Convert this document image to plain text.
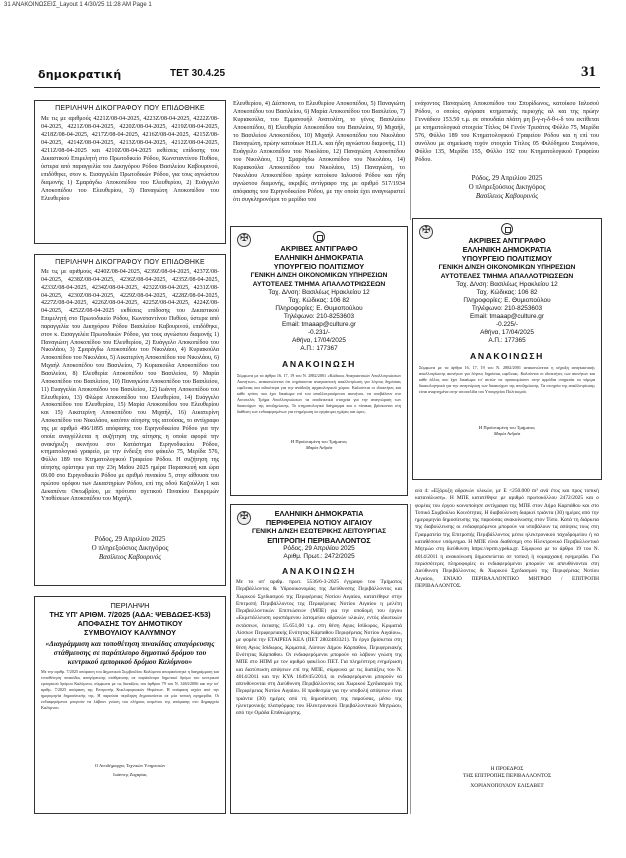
31 ΑΝΑΚΟΙΝΩΣΕΙΣ_Layout 1 4/30/25 11:28 AM Page 1
δημοκρατική	ΤΕΤ 30.4.25	31
ΠΕΡΙΛΗΨΗ ΔΙΚΟΓΡΑΦΟΥ ΠΟΥ ΕΠΙΔΟΘΗΚΕ
Με τις με αριθμούς 4221Ζ/08-04-2025, 4223Ζ/08-04-2025, 4222Ζ/08-04-2025, 4221Ζ/08-04-2025, 4220Ζ/08-04-2025, 4219Ζ/08-04-2025, 4218Ζ/08-04-2025, 4217Ζ/08-04-2025, 4216Ζ/08-04-2025, 4215Ζ/08-04-2025, 4214Ζ/08-04-2025, 4213Ζ/08-04-2025, 4212Ζ/08-04-2025, 4211Ζ/08-04-2025 και 4210Ζ/08-04-2025 εκθέσεις επίδοσης του Δικαστικού Επιμελητή στο Πρωτοδικείο Ρόδου, Κωνσταντίνου Πυθίου, ύστερα από παραγγελία του Δικηγόρου Ρόδου Βασιλείου Καβουρινού, επιδόθηκε, στον κ. Εισαγγελέα Πρωτοδικών Ρόδου, για τους αγνώστου διαμονής 1) Σμαράγδω Αποκοπέδου του Ελευθερίου, 2) Ευάγγελο Αποκοπέδου του Ελευθερίου, 3) Παναγιώτη Αποκοπέδου του Ελευθερίου
ΠΕΡΙΛΗΨΗ ΔΙΚΟΓΡΑΦΟΥ ΠΟΥ ΕΠΙΔΟΘΗΚΕ
Με τις με αριθμούς 4240Ζ/08-04-2025, 4239Ζ/08-04-2025, 4237Ζ/08-04-2025, 4238Ζ/08-04-2025, 4236Ζ/08-04-2025, 4235Ζ/08-04-2025, 4233Ζ/08-04-2025, 4234Ζ/08-04-2025, 4232Ζ/08-04-2025, 4231Ζ/08-04-2025, 4230Ζ/08-04-2025, 4229Ζ/08-04-2025, 4228Ζ/08-04-2025, 4227Ζ/08-04-2025, 4226Ζ/08-04-2025, 4225Ζ/08-04-2025, 4224Ζ/08-04-2025, 4252Ζ/08-04-2025 εκθέσεις επίδοσης του Δικαστικού Επιμελητή στο Πρωτοδικείο Ρόδου, Κωνσταντίνου Πυθίου, ύστερα από παραγγελία του Δικηγόρου Ρόδου Βασιλείου Καβουρινού, επιδόθηκε, στον κ. Εισαγγελέα Πρωτοδικών Ρόδου, για τους αγνώστου διαμονής 1) Παναγιώτη Αποκοπέδου του Ελευθερίου, 2) Ευάγγελο Αποκοπέδου του Νικολάου, 3) Σμαράγδω Αποκοπέδου του Νικολάου, 4) Κυριακούλα Αποκοπέδου του Νικολάου, 5) Αικατερίνη Αποκοπέδου του Νικολάου, 6) Μιχαήλ Αποκοπέδου του Βασιλείου, 7) Κυριακούλα Αποκοπέδου του Βασιλείου, 8) Ελευθερία Αποκοπέδου του Βασιλείου, 9) Μαρία Αποκοπέδου του Βασιλείου, 10) Παναγιώτα Αποκοπέδου του Βασιλείου, 11) Ευαγγελία Αποκοπέδου του Βασιλείου, 12) Ιωάννη Αποκοπέδου του Ελευθερίου, 13) Φλώρα Αποκοπέδου του Ελευθερίου, 14) Ευάγγελο Αποκοπέδου του Ελευθερίου, 15) Μαρία Αποκοπέδου του Ελευθερίου και 15) Αικατερίνη Αποκοπέδου του Μιχαήλ, 16) Αικατερίνη Αποκοπέδου του Νικολάου, κατόπιν αίτησης της αιτούσας, το αντίγραφο της με αριθμό 496/1895 απόφασης του Ειρηνοδικείου Ρόδου για την οποία αναγγέλλεται η συζήτηση της αίτησης η οποία αφορά την ανακήρυξη ακινήτου στο Κατάστημα Ειρηνοδικείου Ρόδου, κτηματολογικό γραφείο, με την ένδειξη στο φάκελο 75, Μερίδα 576, Φύλλο 189 του Κτηματολογικού Γραφείου Ρόδου. Η συζήτηση της αίτησης ορίστηκε για την 23η Μαΐου 2025 ημέρα Παρασκευή και ώρα 09.00 στο Ειρηνοδικείο Ρόδου με αριθμό πινακίου 5, στην αίθουσα του πρώτου ορόφου των Δικαστηρίων Ρόδου, επί της οδού Καζούλλη 1 και Δεκαπέντε Οκτωβρίου, με πρότυπο σχετικού Πινακίου Εκκρεμών Υποθέσεων Αποκοπέδου του Μιχαήλ.
Ρόδος, 29 Απριλίου 2025
Ο πληρεξούσιος Δικηγόρος
Βασίλειος Καβουρινός
ΠΕΡΙΛΗΨΗ
ΤΗΣ ΥΠ' ΑΡΙΘΜ. 7/2025 (ΑΔΑ: ΨΕΒΔΩΕΣ-Κ53)
ΑΠΟΦΑΣΗΣ ΤΟΥ ΔΗΜΟΤΙΚΟΥ
ΣΥΜΒΟΥΛΙΟΥ ΚΑΛΥΜΝΟΥ
«Διαγράμμιση και τοποθέτηση πινακίδας απαγόρευσης στάθμευσης σε παράπλευρο δημοτικό δρόμου του κεντρικού εμπορικού δρόμου Καλύμνου»
Με την αριθμ. 7/2025 απόφαση του Δημοτικού Συμβουλίου Καλύμνου αποφασίστηκε η διαγράμμιση και τοποθέτηση πινακίδας απαγόρευσης στάθμευσης σε παράπλευρο δημοτικό δρόμο του κεντρικού εμπορικού δρόμου Καλύμνου, σύμφωνα με τις διατάξεις του άρθρου 79 του Ν. 3463/2006 και την υπ' αριθμ. 7/2025 απόφαση της Επιτροπής Κυκλοφοριακών Θεμάτων. Η απόφαση ισχύει από την ημερομηνία δημοσίευσής της. Η παρούσα περίληψη δημοσιεύεται σε μία τοπική εφημερίδα. Οι ενδιαφερόμενοι μπορούν να λάβουν γνώση του πλήρους κειμένου της απόφασης στο Δημαρχείο Καλύμνου.
Ο Αντιδήμαρχος Τεχνικών Υπηρεσιών
Ιωάννης Ζαχαρίας
Ελευθερίου, 4) Δέσποινα, το Ελευθερίου Αποκοπέδου, 5) Παναγιώτη Αποκοπέδου του Βασιλείου, 6) Μαρία Αποκοπέδου του Βασιλείου, 7) Κυριακούλα, του Εμμανουήλ Ανατολίτη, το γένος Βασιλείου Αποκοπέδου, 8) Ελευθερία Αποκοπέδου του Βασιλείου, 9) Μιχαήλ, το Βασιλείου Αποκοπέδου, 10) Μιχαήλ Αποκοπέδου του Νικολάου Παναγιώτη, πρώην κατοίκων Η.Π.Α. και ήδη αγνώστου διαμονής, 11) Ευάγγελο Αποκοπέδου του Νικολάου, 12) Παναγιώτη Αποκοπέδου του Νικολάου, 13) Σμαράγδω Αποκοπέδου του Νικολάου, 14) Κυριακούλα Αποκοπέδου του Νικολάου, 15) Παναγιώτη, το Νικολάου Αποκοπέδου πρώην κατοίκου Ιαλυσού Ρόδου και ήδη αγνώστου διαμονής, ακριβές αντίγραφο της με αριθμό 517/1934 απόφασης του Ειρηνοδικείου Ρόδου, με την οποία έχει αναγνωριστεί ότι συγκληρονόμοι το μερίδιο του
ενάγοντος Παναγιώτη Αποκοπέδου του Σπυρίδωνος, κατοίκου Ιαλυσού Ρόδου, ο οποίος αγόρασε κτηματικής περιοχής αλ και της πρώην Γεννάδιου 153.50 τ.μ. σε σπουδαία πλάτη μη β-γ-η-δ-θ-ι-δ του εκτίθεται με κτηματολογικά στοιχεία Τίτλος 04 Γενόν Τρισάτος Φύλλο 75, Μερίδα 576, Φύλλο 189 του Κτηματολογικού Γραφείου Ρόδου και η επί του συνόλου με σημείωση τυχόν στοιχεία Τίτλος 05 Φιλόδημου Σταμόνιου, Φύλλο 135, Μερίδα 155, Φύλλο 192 του Κτηματολογικού Γραφείου Ρόδου.
Ρόδος, 29 Απριλίου 2025
Ο πληρεξούσιος Δικηγόρος
Βασίλειος Καβουρινός
✠
ΑΚΡΙΒΕΣ ΑΝΤΙΓΡΑΦΟ
ΕΛΛΗΝΙΚΗ ΔΗΜΟΚΡΑΤΙΑ
ΥΠΟΥΡΓΕΙΟ ΠΟΛΙΤΙΣΜΟΥ
ΓΕΝΙΚΗ Δ/ΝΣΗ ΟΙΚΟΝΟΜΙΚΩΝ ΥΠΗΡΕΣΙΩΝ
ΑΥΤΟΤΕΛΕΣ ΤΜΗΜΑ ΑΠΑΛΛΟΤΡΙΩΣΕΩΝ
Ταχ. Δ/νση: Βασιλέως Ηρακλείου 12
Ταχ. Κώδικας: 106 82
Πληροφορίες: Ε. Θυμιοπούλου
Τηλέφωνο: 210-8253603
Email: tmaaap@culture.gr
-0.231/-
Αθήνα, 17/04/2025
Α.Π.: 177367
ΑΝΑΚΟΙΝΩΣΗ
Σύμφωνα με τα άρθρα 16, 17, 19 του Ν. 2882/2001 «Κώδικας Αναγκαστικών Απαλλοτριώσεων Ακινήτων», ανακοινώνεται ότι κηρύσσεται αναγκαστική απαλλοτρίωση για λόγους δημόσιας ωφέλειας και ειδικότερα για την ανάδειξη αρχαιολογικού χώρου. Καλούνται οι ιδιοκτήτες και κάθε τρίτος που έχει δικαίωμα επί του απαλλοτριούμενου ακινήτου, να υποβάλουν στο Αυτοτελές Τμήμα Απαλλοτριώσεων τα αποδεικτικά στοιχεία για την αναγνώριση των δικαιούχων της αποζημίωσης. Το κτηματολογικό διάγραμμα και ο πίνακας βρίσκονται στη διάθεση των ενδιαφερομένων για ενημέρωση σε εργάσιμες ημέρες και ώρες.
Η Προϊσταμένη του Τμήματος
Μαρία Ανδρέα
✠
ΑΚΡΙΒΕΣ ΑΝΤΙΓΡΑΦΟ
ΕΛΛΗΝΙΚΗ ΔΗΜΟΚΡΑΤΙΑ
ΥΠΟΥΡΓΕΙΟ ΠΟΛΙΤΙΣΜΟΥ
ΓΕΝΙΚΗ Δ/ΝΣΗ ΟΙΚΟΝΟΜΙΚΩΝ ΥΠΗΡΕΣΙΩΝ
ΑΥΤΟΤΕΛΕΣ ΤΜΗΜΑ ΑΠΑΛΛΟΤΡΙΩΣΕΩΝ
Ταχ. Δ/νση: Βασιλέως Ηρακλείου 12
Ταχ. Κώδικας: 106 82
Πληροφορίες: Ε. Θυμιοπούλου
Τηλέφωνο: 210-8253603
Email: tmaaap@culture.gr
-0.225/-
Αθήνα, 17/04/2025
Α.Π.: 177365
ΑΝΑΚΟΙΝΩΣΗ
Σύμφωνα με τα άρθρα 16, 17, 19 του Ν. 2882/2001 ανακοινώνεται η κήρυξη αναγκαστικής απαλλοτρίωσης ακινήτων για λόγους δημόσιας ωφέλειας. Καλούνται οι ιδιοκτήτες των ακινήτων και κάθε άλλος που έχει δικαίωμα επ' αυτών να προσκομίσουν στην αρμόδια υπηρεσία τα νόμιμα δικαιολογητικά για την αναγνώριση των δικαιούχων της αποζημίωσης. Τα στοιχεία της απαλλοτρίωσης είναι αναρτημένα στην ιστοσελίδα του Υπουργείου Πολιτισμού.
Η Προϊσταμένη του Τμήματος
Μαρία Ανδρέα
✠
ΕΛΛΗΝΙΚΗ ΔΗΜΟΚΡΑΤΙΑ
ΠΕΡΙΦΕΡΕΙΑ ΝΟΤΙΟΥ ΑΙΓΑΙΟΥ
ΓΕΝΙΚΗ Δ/ΝΣΗ ΕΣΩΤΕΡΙΚΗΣ ΛΕΙΤΟΥΡΓΙΑΣ
ΕΠΙΤΡΟΠΗ ΠΕΡΙΒΑΛΛΟΝΤΟΣ
Ρόδος, 29 Απριλίου 2025
Αριθμ. Πρωτ.: 2472/2025
ΑΝΑΚΟΙΝΩΣΗ
Με το υπ' αριθμ. πρωτ. 5536/6-3-2025 έγγραφο του Τμήματος Περιβάλλοντος & Υδροοικονομίας της Διεύθυνσης Περιβάλλοντος και Χωρικού Σχεδιασμού της Περιφέρειας Νοτίου Αιγαίου, κατατέθηκε στην Επιτροπή Περιβάλλοντος της Περιφέρειας Νοτίου Αιγαίου η μελέτη Περιβαλλοντικών Επιπτώσεων (ΜΠΕ) για την υποδομή του έργου «Εκμετάλλευση υφιστάμενου λατομείου αδρανών υλικών, εντός ιδιωτικών εκτάσεων, έκτασης 15.651,00 τ.μ. στη θέση Αγιος Ισίδωρος, Κριματιά Λίσσων Περιφερειακής Ενότητας Κάρπαθου Περιφέρειας Νοτίου Αιγαίου», με φορέα την ΕΤΑΙΡΕΙΑ ΚΕΛ (ΠΕΤ 2802483321). Το έργο βρίσκεται στη θέση Αγιος Ισίδωρος, Κριματιά, Λίσσων Δήμου Κάρπαθου, Περιφερειακής Ενότητας Κάρπαθου. Οι ενδιαφερόμενοι μπορούν να λάβουν γνώση της ΜΠΕ στο ΗΠΜ με τον αριθμό φακέλου ΠΕΤ. Για πληρέστερη ενημέρωση και διατύπωση απόψεων επί της ΜΠΕ, σύμφωνα με τις διατάξεις του Ν. 4014/2011 και την ΚΥΑ 1649/45/2014, οι ενδιαφερόμενοι μπορούν να απευθύνονται στη Διεύθυνση Περιβάλλοντος και Χωρικού Σχεδιασμού της Περιφέρειας Νοτίου Αιγαίου. Η προθεσμία για την υποβολή απόψεων είναι τριάντα (30) ημέρες από τη δημοσίευση της παρούσας, μέσω της ηλεκτρονικής πλατφόρμας του Ηλεκτρονικού Περιβαλλοντικού Μητρώου, από την Ομάδα Επιθεώρησης.
α/α 4: «Εξόρυξη αδρανών υλικών, με Ε <250.000 m³ ανά έτος και προς τοπική κατανάλωση». Η ΜΠΕ κατατέθηκε με αριθμό πρωτοκόλλου 2472/2025 και ο φορέας του έργου κοινοποίησε αντίγραφα της ΜΠΕ στον Δήμο Καρπάθου και στο Τοπικό Συμβούλιο Κοινότητας. Η διαβούλευση διαρκεί τριάντα (30) ημέρες από την ημερομηνία δημοσίευσης της παρούσας ανακοίνωσης στον Τύπο. Κατά τη διάρκεια της διαβούλευσης οι ενδιαφερόμενοι μπορούν να υποβάλουν τις απόψεις τους στη Γραμματεία της Επιτροπής Περιβάλλοντος μέσω ηλεκτρονικού ταχυδρομείου ή να καταθέσουν υπόμνημα. Η ΜΠΕ είναι διαθέσιμη στο Ηλεκτρονικό Περιβαλλοντικό Μητρώο στη διεύθυνση https://eprm.ypeka.gr. Σύμφωνα με το άρθρο 19 του Ν. 4014/2011 η ανακοίνωση δημοσιεύεται σε τοπική ή νομαρχιακή εφημερίδα. Για περισσότερες πληροφορίες οι ενδιαφερόμενοι μπορούν να απευθύνονται στη Διεύθυνση Περιβάλλοντος & Χωρικού Σχεδιασμού της Περιφέρειας Νοτίου Αιγαίου, ΕΝΙΑΙΟ ΠΕΡΙΒΑΛΛΟΝΤΙΚΟ ΜΗΤΡΩΟ / ΕΠΙΤΡΟΠΗ ΠΕΡΙΒΑΛΛΟΝΤΟΣ.
Η ΠΡΟΕΔΡΟΣ
ΤΗΣ ΕΠΙΤΡΟΠΗΣ ΠΕΡΙΒΑΛΛΟΝΤΟΣ
ΧΟΡΙΑΝΟΠΟΥΛΟΥ ΕΛΙΣΑΒΕΤ
